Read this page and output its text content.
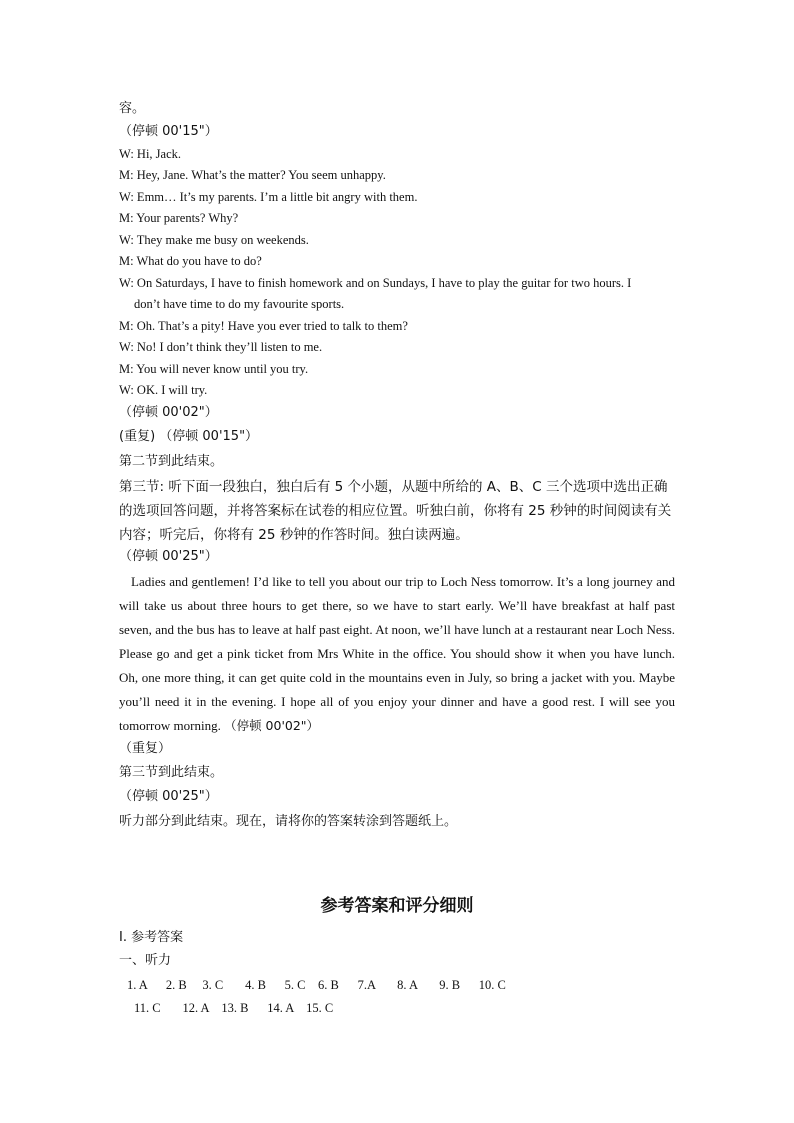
容。
（停顿 00'15"）
W: Hi, Jack.
M: Hey, Jane. What’s the matter? You seem unhappy.
W: Emm… It’s my parents. I’m a little bit angry with them.
M: Your parents? Why?
W: They make me busy on weekends.
M: What do you have to do?
W: On Saturdays, I have to finish homework and on Sundays, I have to play the guitar for two hours. I
don’t have time to do my favourite sports.
M: Oh. That’s a pity! Have you ever tried to talk to them?
W: No! I don’t think they’ll listen to me.
M: You will never know until you try.
W: OK. I will try.
（停顿 00'02"）
(重复) （停顿 00'15"）
第二节到此结束。
第三节: 听下面一段独白，独白后有 5 个小题，从题中所给的 A、B、C 三个选项中选出正确的选项回答问题，并将答案标在试卷的相应位置。听独白前，你将有 25 秒钟的时间阅读有关内容；听完后，你将有 25 秒钟的作答时间。独白读两遍。
（停顿 00'25"）
Ladies and gentlemen! I’d like to tell you about our trip to Loch Ness tomorrow. It’s a long journey and will take us about three hours to get there, so we have to start early. We’ll have breakfast at half past seven, and the bus has to leave at half past eight. At noon, we’ll have lunch at a restaurant near Loch Ness. Please go and get a pink ticket from Mrs White in the office. You should show it when you have lunch. Oh, one more thing, it can get quite cold in the mountains even in July, so bring a jacket with you. Maybe you’ll need it in the evening. I hope all of you enjoy your dinner and have a good rest. I will see you tomorrow morning. （停顿 00'02"）
（重复）
第三节到此结束。
（停顿 00'25"）
听力部分到此结束。现在，请将你的答案转涂到答题纸上。
参考答案和评分细则
I. 参考答案
一、听力
1. A      2. B     3. C       4. B      5. C    6. B      7.A       8. A       9. B      10. C
11. C       12. A    13. B      14. A    15. C
